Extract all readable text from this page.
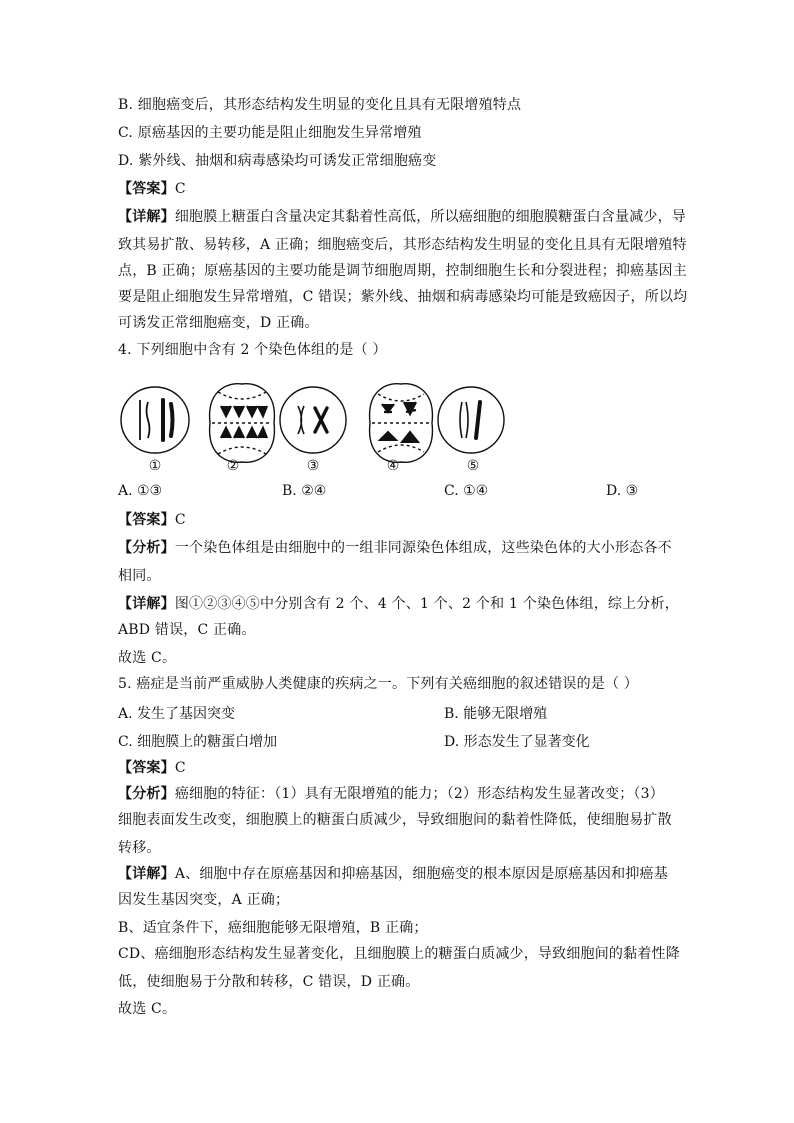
B. 细胞癌变后，其形态结构发生明显的变化且具有无限增殖特点
C. 原癌基因的主要功能是阻止细胞发生异常增殖
D. 紫外线、抽烟和病毒感染均可诱发正常细胞癌变
【答案】C
【详解】细胞膜上糖蛋白含量决定其黏着性高低，所以癌细胞的细胞膜糖蛋白含量减少，导
致其易扩散、易转移，A 正确；细胞癌变后，其形态结构发生明显的变化且具有无限增殖特
点，B 正确；原癌基因的主要功能是调节细胞周期，控制细胞生长和分裂进程；抑癌基因主
要是阻止细胞发生异常增殖，C 错误；紫外线、抽烟和病毒感染均可能是致癌因子，所以均
可诱发正常细胞癌变，D 正确。
4. 下列细胞中含有 2 个染色体组的是（ ）
①	②	③	④	⑤
A. ①③	B. ②④	C. ①④	D. ③
【答案】C
【分析】一个染色体组是由细胞中的一组非同源染色体组成，这些染色体的大小形态各不
相同。
【详解】图①②③④⑤中分别含有 2 个、4 个、1 个、2 个和 1 个染色体组，综上分析，
ABD 错误，C 正确。
故选 C。
5. 癌症是当前严重威胁人类健康的疾病之一。下列有关癌细胞的叙述错误的是（ ）
A. 发生了基因突变	B. 能够无限增殖
C. 细胞膜上的糖蛋白增加	D. 形态发生了显著变化
【答案】C
【分析】癌细胞的特征：（1）具有无限增殖的能力；（2）形态结构发生显著改变；（3）
细胞表面发生改变，细胞膜上的糖蛋白质减少，导致细胞间的黏着性降低，使细胞易扩散
转移。
【详解】A、细胞中存在原癌基因和抑癌基因，细胞癌变的根本原因是原癌基因和抑癌基
因发生基因突变，A 正确；
B、适宜条件下，癌细胞能够无限增殖，B 正确；
CD、癌细胞形态结构发生显著变化，且细胞膜上的糖蛋白质减少，导致细胞间的黏着性降
低，使细胞易于分散和转移，C 错误，D 正确。
故选 C。
